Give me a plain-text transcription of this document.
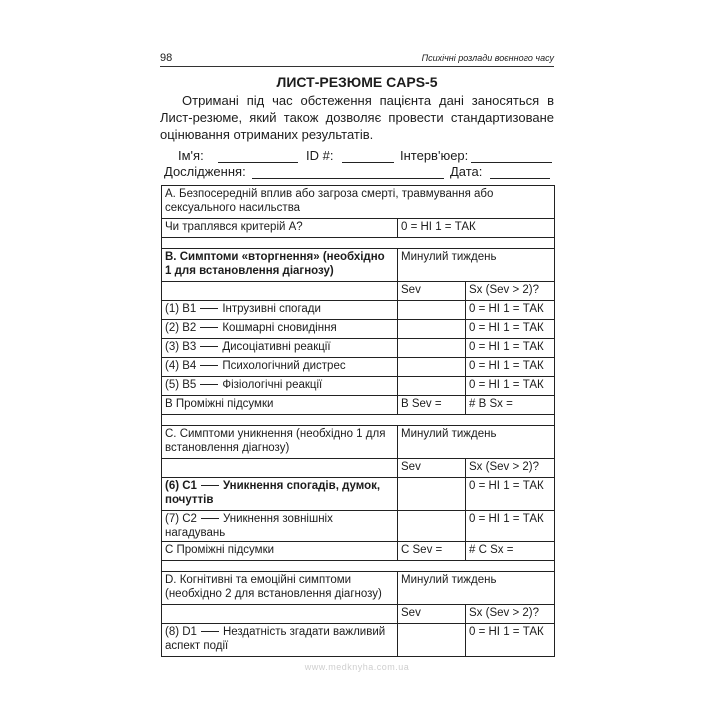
98	Психічні розлади воєнного часу
ЛИСТ-РЕЗЮМЕ CAPS-5
Отримані під час обстеження пацієнта дані заносяться в Лист-резюме, який також дозволяє провести стандартизоване оцінювання отриманих результатів.
Ім'я:	ID #:	Інтерв'юер:
Дослідження:	Дата:
А. Безпосередній вплив або загроза смерті, травмування або сексуального насильства		
Чи траплявся критерій А?	0 = НІ 1 = ТАК	

B. Симптоми «вторгнення» (необхідно 1 для встановлення діагнозу)	Минулий тиждень	
	Sev	Sx (Sev > 2)?
(1) B1 Інтрузивні спогади		0 = НІ 1 = ТАК
(2) B2 Кошмарні сновидіння		0 = НІ 1 = ТАК
(3) B3 Дисоціативні реакції		0 = НІ 1 = ТАК
(4) B4 Психологічний дистрес		0 = НІ 1 = ТАК
(5) B5 Фізіологічні реакції		0 = НІ 1 = ТАК
B Проміжні підсумки	B Sev =	# B Sx =

C. Симптоми уникнення (необхідно 1 для встановлення діагнозу)	Минулий тиждень	
	Sev	Sx (Sev > 2)?
(6) C1 Уникнення спогадів, думок, почуттів		0 = НІ 1 = ТАК
(7) C2 Уникнення зовнішніх нагадувань		0 = НІ 1 = ТАК
C Проміжні підсумки	C Sev =	# C Sx =

D. Когнітивні та емоційні симптоми (необхідно 2 для встановлення діагнозу)	Минулий тиждень	
	Sev	Sx (Sev > 2)?
(8) D1 Нездатність згадати важливий аспект події		0 = НІ 1 = ТАК
www.medknyha.com.ua
